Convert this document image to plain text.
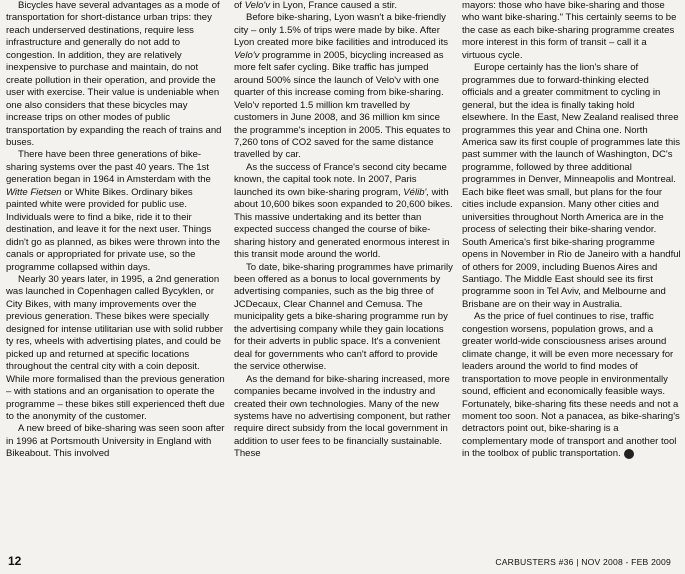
Bicycles have several advantages as a mode of transportation for short-distance urban trips: they reach underserved destinations, require less infrastructure and generally do not add to congestion. In addition, they are relatively inexpensive to purchase and maintain, do not create pollution in their operation, and provide the user with exercise. Their value is undeniable when one also considers that these bicycles may increase trips on other modes of public transportation by expanding the reach of trains and buses.

There have been three generations of bike-sharing systems over the past 40 years. The 1st generation began in 1964 in Amsterdam with the Witte Fietsen or White Bikes. Ordinary bikes painted white were provided for public use. Individuals were to find a bike, ride it to their destination, and leave it for the next user. Things didn't go as planned, as bikes were thrown into the canals or appropriated for private use, so the programme collapsed within days.

Nearly 30 years later, in 1995, a 2nd generation was launched in Copenhagen called Bycyklen, or City Bikes, with many improvements over the previous generation. These bikes were specially designed for intense utilitarian use with solid rubber ty res, wheels with advertising plates, and could be picked up and returned at specific locations throughout the central city with a coin deposit. While more formalised than the previous generation – with stations and an organisation to operate the programme – these bikes still experienced theft due to the anonymity of the customer.

A new breed of bike-sharing was seen soon after in 1996 at Portsmouth University in England with Bikeabout. This involved

of Velo'v in Lyon, France caused a stir.

Before bike-sharing, Lyon wasn't a bike-friendly city – only 1.5% of trips were made by bike. After Lyon created more bike facilities and introduced its Velo'v programme in 2005, bicycling increased as more felt safer cycling. Bike traffic has jumped around 500% since the launch of Velo'v with one quarter of this increase coming from bike-sharing. Velo'v reported 1.5 million km travelled by customers in June 2008, and 36 million km since the programme's inception in 2005. This equates to 7,260 tons of CO2 saved for the same distance travelled by car.

As the success of France's second city became known, the capital took note. In 2007, Paris launched its own bike-sharing program, Vélib', with about 10,600 bikes soon expanded to 20,600 bikes. This massive undertaking and its better than expected success changed the course of bike-sharing history and generated enormous interest in this transit mode around the world.

To date, bike-sharing programmes have primarily been offered as a bonus to local governments by advertising companies, such as the big three of JCDecaux, Clear Channel and Cemusa. The municipality gets a bike-sharing programme run by the advertising company while they gain locations for their adverts in public space. It's a convenient deal for governments who can't afford to provide the service otherwise.

As the demand for bike-sharing increased, more companies became involved in the industry and created their own technologies. Many of the new systems have no advertising component, but rather require direct subsidy from the local government in addition to user fees to be financially sustainable. These

mayors: those who have bike-sharing and those who want bike-sharing." This certainly seems to be the case as each bike-sharing programme creates more interest in this form of transit – call it a virtuous cycle.

Europe certainly has the lion's share of programmes due to forward-thinking elected officials and a greater commitment to cycling in general, but the idea is finally taking hold elsewhere. In the East, New Zealand realised three programmes this year and China one. North America saw its first couple of programmes late this past summer with the launch of Washington, DC's programme, followed by three additional programmes in Denver, Minneapolis and Montreal. Each bike fleet was small, but plans for the four cities include expansion. Many other cities and universities throughout North America are in the process of selecting their bike-sharing vendor. South America's first bike-sharing programme opens in November in Rio de Janeiro with a handful of others for 2009, including Buenos Aires and Santiago. The Middle East should see its first programme soon in Tel Aviv, and Melbourne and Brisbane are on their way in Australia.

As the price of fuel continues to rise, traffic congestion worsens, population grows, and a greater world-wide consciousness arises around climate change, it will be even more necessary for leaders around the world to find modes of transportation to move people in environmentally sound, efficient and economically feasible ways. Fortunately, bike-sharing fits these needs and not a moment too soon. Not a panacea, as bike-sharing's detractors point out, bike-sharing is a complementary mode of transport and another tool in the toolbox of public transportation.

12	CARBUSTERS #36 | NOV 2008 - FEB 2009
